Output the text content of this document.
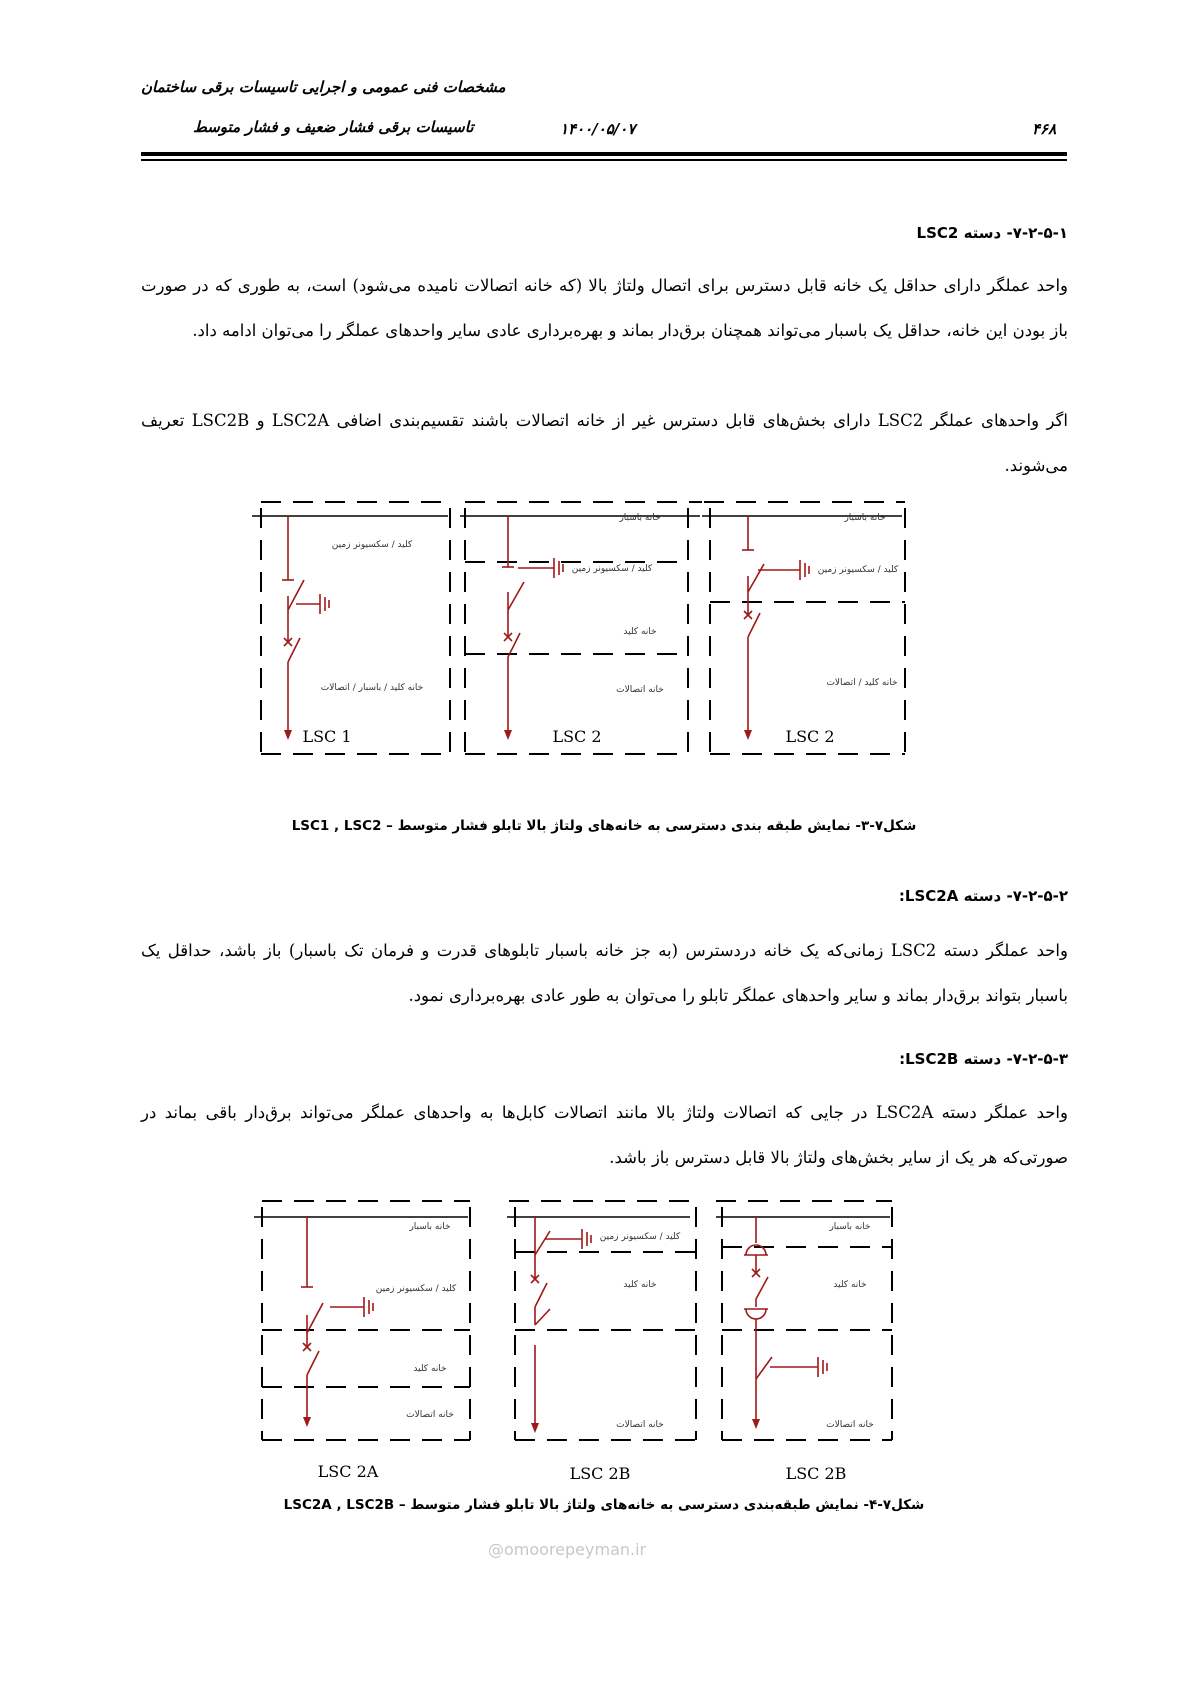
مشخصات فنی عمومی و اجرایی تاسیسات برقی ساختمان
تاسیسات برقی فشار ضعیف و فشار متوسط	۱۴۰۰/۰۵/۰۷	۴۶۸
۷-۲-۵-۱- دسته LSC2
واحد عملگر دارای حداقل یک خانه قابل دسترس برای اتصال ولتاژ بالا (که خانه اتصالات نامیده می‌شود) است، به طوری که در صورت باز بودن این خانه، حداقل یک باسبار می‌تواند همچنان برق‌دار بماند و بهره‌برداری عادی سایر واحدهای عملگر را می‌توان ادامه داد.
اگر واحدهای عملگر LSC2 دارای بخش‌های قابل دسترس غیر از خانه اتصالات باشند تقسیم‌بندی اضافی LSC2A و LSC2B تعریف می‌شوند.
کلید / سکسیونر زمین
خانه کلید / باسبار / اتصالات
LSC 1
خانه باسبار
کلید / سکسیونر زمین
خانه کلید
خانه اتصالات
LSC 2
خانه باسبار
کلید / سکسیونر زمین
خانه کلید / اتصالات
LSC 2
شکل۷-۳- نمایش طبقه بندی دسترسی به خانه‌های ولتاژ بالا تابلو فشار متوسط – LSC1 , LSC2
۷-۲-۵-۲- دسته LSC2A:
واحد عملگر دسته LSC2 زمانی‌که یک خانه دردسترس (به جز خانه باسبار تابلوهای قدرت و فرمان تک باسبار) باز باشد، حداقل یک باسبار بتواند برق‌دار بماند و سایر واحدهای عملگر تابلو را می‌توان به طور عادی بهره‌برداری نمود.
۷-۲-۵-۳- دسته LSC2B:
واحد عملگر دسته LSC2A در جایی که اتصالات ولتاژ بالا مانند اتصالات کابل‌ها به واحدهای عملگر می‌تواند برق‌دار باقی بماند در صورتی‌که هر یک از سایر بخش‌های ولتاژ بالا قابل دسترس باز باشد.
خانه باسبار
کلید / سکسیونر زمین
خانه کلید
خانه اتصالات
LSC 2A
کلید / سکسیونر زمین
خانه کلید
خانه اتصالات
LSC 2B
خانه باسبار
خانه کلید
خانه اتصالات
LSC 2B
شکل۷-۴- نمایش طبقه‌بندی دسترسی به خانه‌های ولتاژ بالا تابلو فشار متوسط – LSC2A , LSC2B
@omoorepeyman.ir
